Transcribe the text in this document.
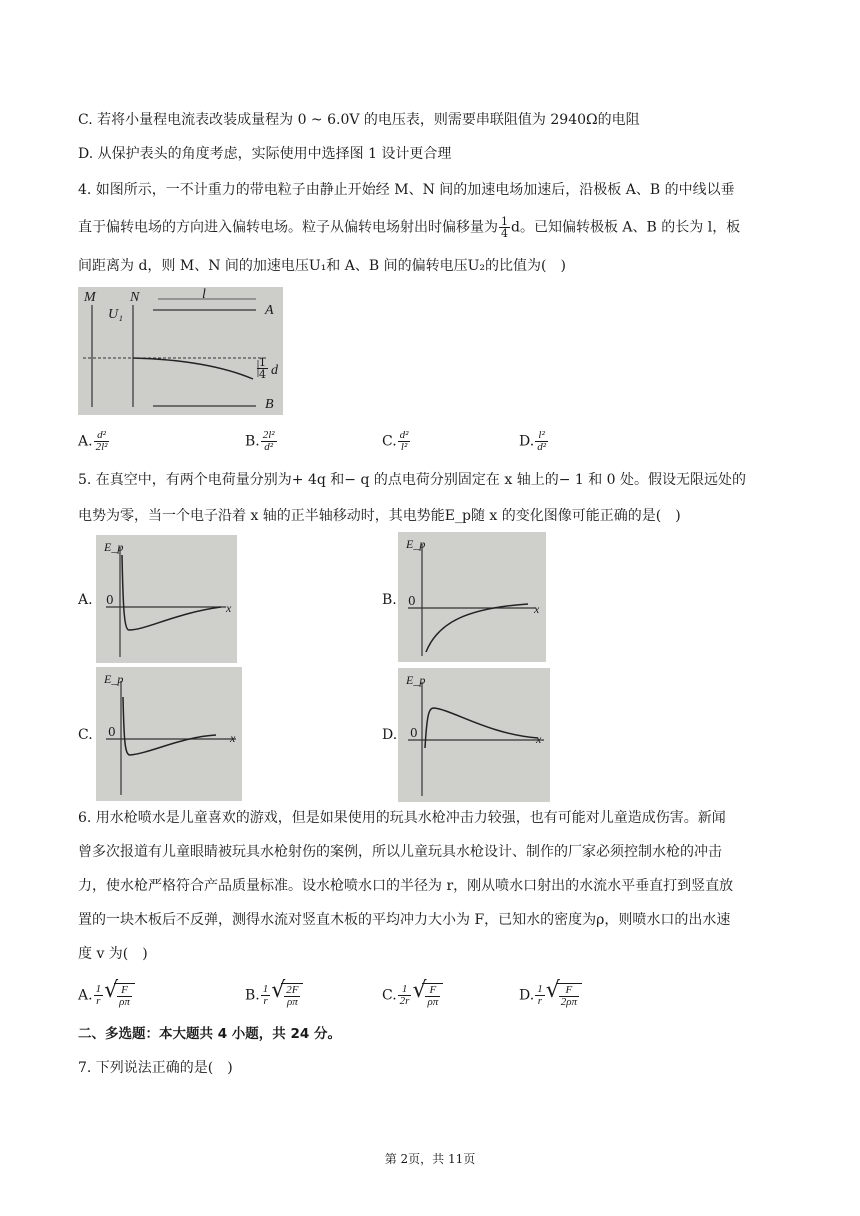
C. 若将小量程电流表改装成量程为 0 ~ 6.0V 的电压表，则需要串联阻值为 2940Ω的电阻
D. 从保护表头的角度考虑，实际使用中选择图 1 设计更合理
4. 如图所示，一不计重力的带电粒子由静止开始经 M、N 间的加速电场加速后，沿极板 A、B 的中线以垂
直于偏转电场的方向进入偏转电场。粒子从偏转电场射出时偏移量为 $\frac{1}{4}$ d。已知偏转极板 A、B 的长为 l，板
间距离为 d，则 M、N 间的加速电压U₁和 A、B 间的偏转电压U₂的比值为(　)
M N	l
U₁	A
B
$\frac{1}{4}$ d
A. $\frac{\text{d²}}{\text{2l²}}$	B. $\frac{\text{2l²}}{\text{d²}}$	C. $\frac{\text{d²}}{\text{l²}}$	D. $\frac{\text{l²}}{\text{d²}}$
5. 在真空中，有两个电荷量分别为+ 4q 和− q 的点电荷分别固定在 x 轴上的− 1 和 0 处。假设无限远处的
电势为零，当一个电子沿着 x 轴的正半轴移动时，其电势能E_p随 x 的变化图像可能正确的是(　)
A.
E_p
0
x	B.
E_p
0
x
C.
E_p
0	x	D.
E_p
0	x
6. 用水枪喷水是儿童喜欢的游戏，但是如果使用的玩具水枪冲击力较强，也有可能对儿童造成伤害。新闻
曾多次报道有儿童眼睛被玩具水枪射伤的案例，所以儿童玩具水枪设计、制作的厂家必须控制水枪的冲击
力，使水枪严格符合产品质量标准。设水枪喷水口的半径为 r，刚从喷水口射出的水流水平垂直打到竖直放
置的一块木板后不反弹，测得水流对竖直木板的平均冲力大小为 F，已知水的密度为ρ，则喷水口的出水速
度 v 为(　)
A. $\frac{1}{r}$ √
$\frac{F}{\rho\pi}$	B. $\frac{1}{r}$ √
$\frac{2F}{\rho\pi}$	C. $\frac{1}{2r}$ √
$\frac{F}{\rho\pi}$	D. $\frac{1}{r}$ √
$\frac{F}{2\rho\pi}$
二、多选题：本大题共 4 小题，共 24 分。
7. 下列说法正确的是(　)
第 2页，共 11页
